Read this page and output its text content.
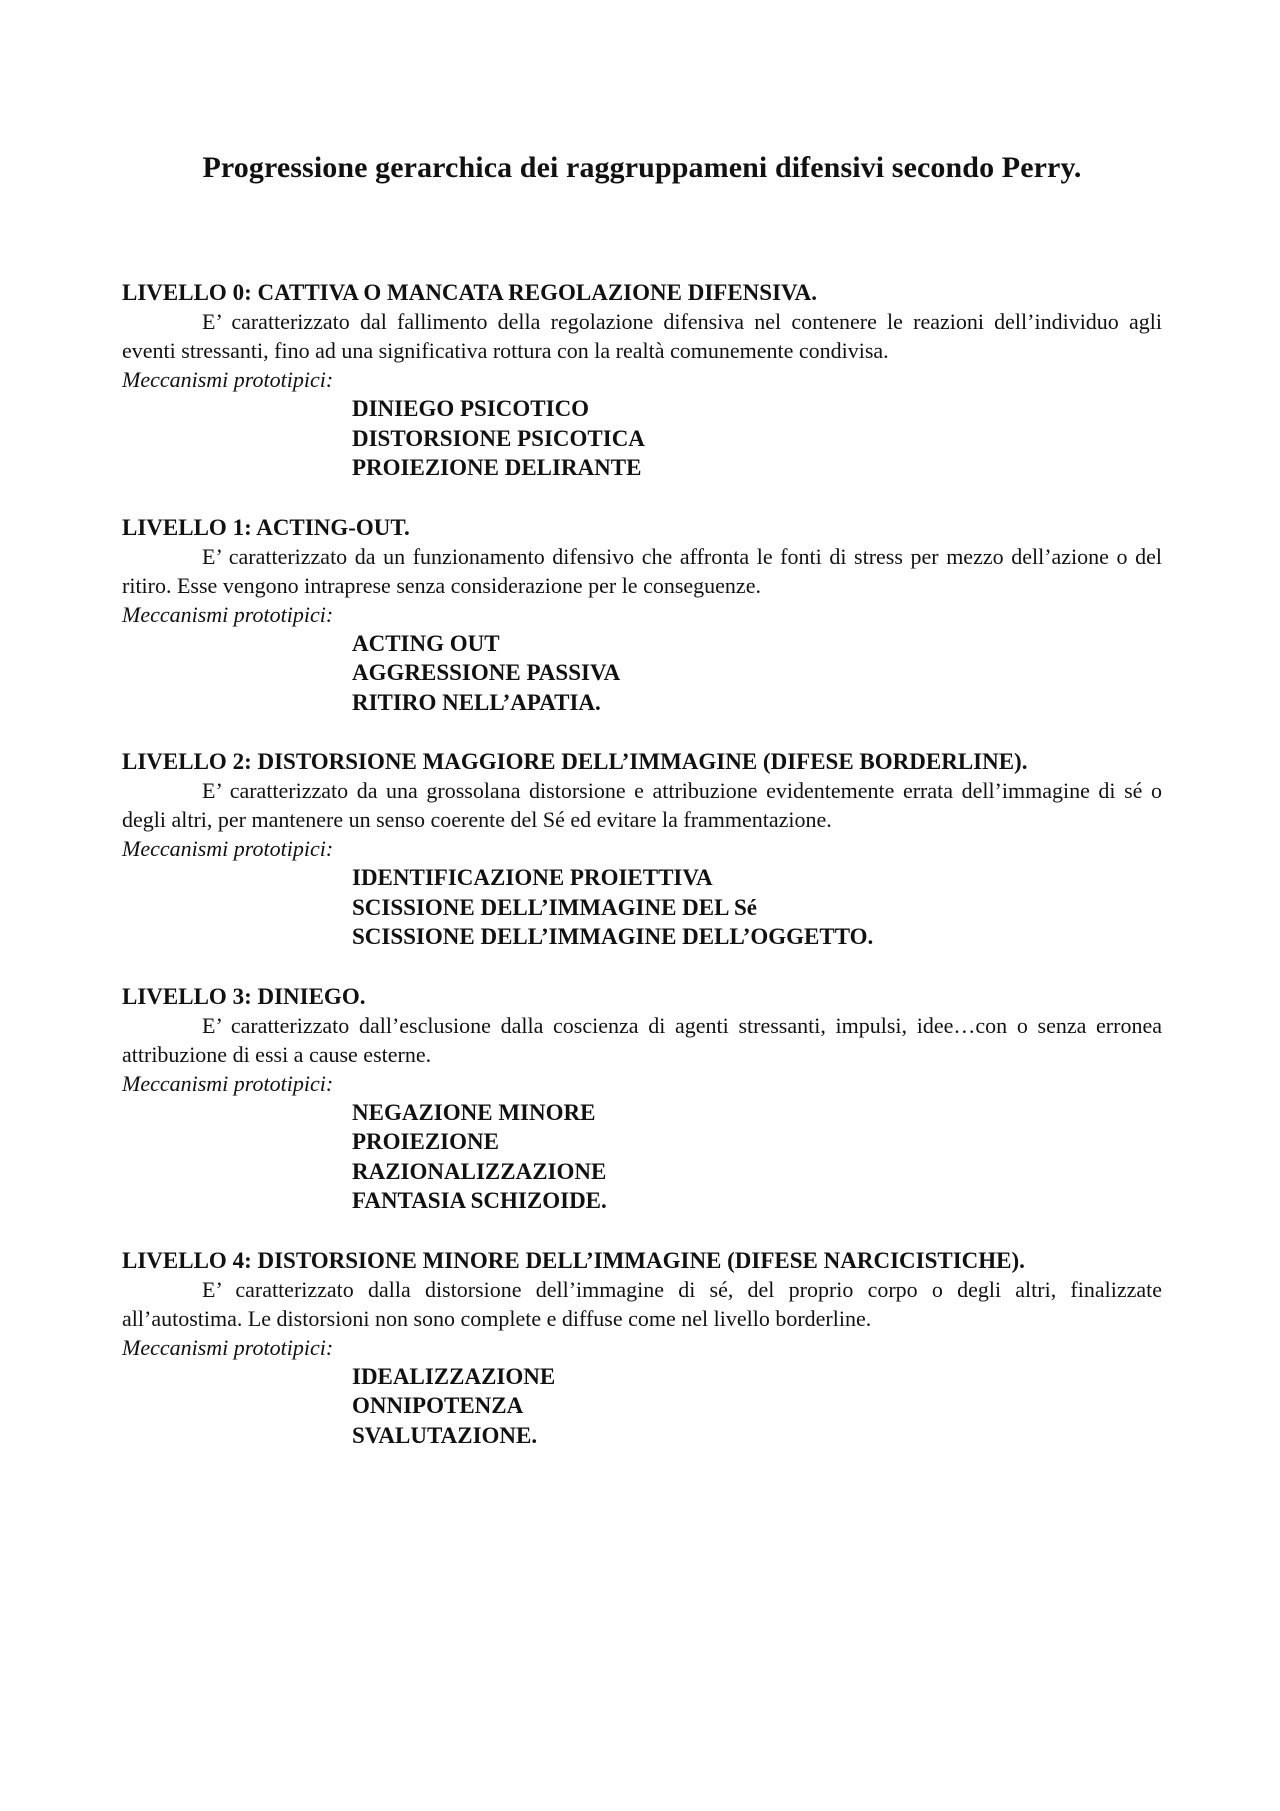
Progressione gerarchica dei raggruppameni difensivi secondo Perry.

LIVELLO 0: CATTIVA O MANCATA REGOLAZIONE DIFENSIVA.

E’ caratterizzato dal fallimento della regolazione difensiva nel contenere le reazioni dell’individuo agli eventi stressanti, fino ad una significativa rottura con la realtà comunemente condivisa.

Meccanismi prototipici:

DINIEGO PSICOTICO
DISTORSIONE PSICOTICA
PROIEZIONE DELIRANTE

LIVELLO 1: ACTING-OUT.

E’ caratterizzato da un funzionamento difensivo che affronta le fonti di stress per mezzo dell’azione o del ritiro. Esse vengono intraprese senza considerazione per le conseguenze.

Meccanismi prototipici:

ACTING OUT
AGGRESSIONE PASSIVA
RITIRO NELL’APATIA.

LIVELLO 2: DISTORSIONE MAGGIORE DELL’IMMAGINE (DIFESE BORDERLINE).

E’ caratterizzato da una grossolana distorsione e attribuzione evidentemente errata dell’immagine di sé o degli altri, per mantenere un senso coerente del Sé ed evitare la frammentazione.

Meccanismi prototipici:

IDENTIFICAZIONE PROIETTIVA
SCISSIONE DELL’IMMAGINE DEL Sé
SCISSIONE DELL’IMMAGINE DELL’OGGETTO.

LIVELLO 3: DINIEGO.

E’ caratterizzato dall’esclusione dalla coscienza di agenti stressanti, impulsi, idee…con o senza erronea attribuzione di essi a cause esterne.

Meccanismi prototipici:

NEGAZIONE MINORE
PROIEZIONE
RAZIONALIZZAZIONE
FANTASIA SCHIZOIDE.

LIVELLO 4: DISTORSIONE MINORE DELL’IMMAGINE (DIFESE NARCICISTICHE).

E’ caratterizzato dalla distorsione dell’immagine di sé, del proprio corpo o degli altri, finalizzate all’autostima. Le distorsioni non sono complete e diffuse come nel livello borderline.

Meccanismi prototipici:

IDEALIZZAZIONE
ONNIPOTENZA
SVALUTAZIONE.
